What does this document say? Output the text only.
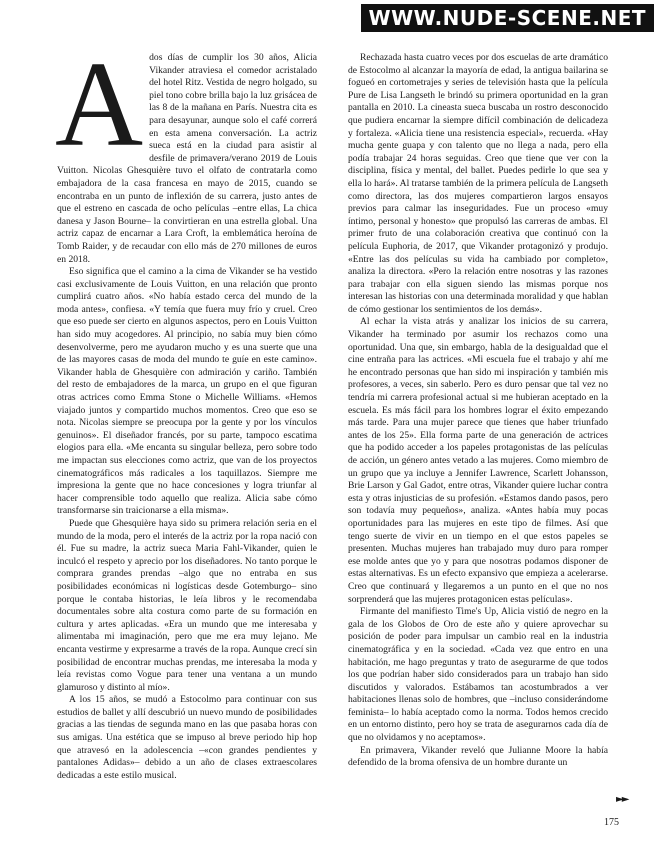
WWW.NUDE-SCENE.NET

Ados días de cumplir los 30 años, Alicia Vikander atraviesa el comedor acristalado del hotel Ritz. Vestida de negro holgado, su piel tono cobre brilla bajo la luz grisácea de las 8 de la mañana en París. Nuestra cita es para desayunar, aunque solo el café correrá en esta amena conversación. La actriz sueca está en la ciudad para asistir al desfile de primavera/verano 2019 de Louis Vuitton. Nicolas Ghesquière tuvo el olfato de contratarla como embajadora de la casa francesa en mayo de 2015, cuando se encontraba en un punto de inflexión de su carrera, justo antes de que el estreno en cascada de ocho películas –entre ellas, La chica danesa y Jason Bourne– la convirtieran en una estrella global. Una actriz capaz de encarnar a Lara Croft, la emblemática heroína de Tomb Raider, y de recaudar con ello más de 270 millones de euros en 2018.

Eso significa que el camino a la cima de Vikander se ha vestido casi exclusivamente de Louis Vuitton, en una relación que pronto cumplirá cuatro años. «No había estado cerca del mundo de la moda antes», confiesa. «Y temía que fuera muy frío y cruel. Creo que eso puede ser cierto en algunos aspectos, pero en Louis Vuitton han sido muy acogedores. Al principio, no sabía muy bien cómo desenvolverme, pero me ayudaron mucho y es una suerte que una de las mayores casas de moda del mundo te guíe en este camino». Vikander habla de Ghesquière con admiración y cariño. También del resto de embajadores de la marca, un grupo en el que figuran otras actrices como Emma Stone o Michelle Williams. «Hemos viajado juntos y compartido muchos momentos. Creo que eso se nota. Nicolas siempre se preocupa por la gente y por los vínculos genuinos». El diseñador francés, por su parte, tampoco escatima elogios para ella. «Me encanta su singular belleza, pero sobre todo me impactan sus elecciones como actriz, que van de los proyectos cinematográficos más radicales a los taquillazos. Siempre me impresiona la gente que no hace concesiones y logra triunfar al hacer comprensible todo aquello que realiza. Alicia sabe cómo transformarse sin traicionarse a ella misma».

Puede que Ghesquière haya sido su primera relación seria en el mundo de la moda, pero el interés de la actriz por la ropa nació con él. Fue su madre, la actriz sueca Maria Fahl-Vikander, quien le inculcó el respeto y aprecio por los diseñadores. No tanto porque le comprara grandes prendas –algo que no entraba en sus posibilidades económicas ni logísticas desde Gotemburgo– sino porque le contaba historias, le leía libros y le recomendaba documentales sobre alta costura como parte de su formación en cultura y artes aplicadas. «Era un mundo que me interesaba y alimentaba mi imaginación, pero que me era muy lejano. Me encanta vestirme y expresarme a través de la ropa. Aunque crecí sin posibilidad de encontrar muchas prendas, me interesaba la moda y leía revistas como Vogue para tener una ventana a un mundo glamuroso y distinto al mío».

A los 15 años, se mudó a Estocolmo para continuar con sus estudios de ballet y allí descubrió un nuevo mundo de posibilidades gracias a las tiendas de segunda mano en las que pasaba horas con sus amigas. Una estética que se impuso al breve periodo hip hop que atravesó en la adolescencia –«con grandes pendientes y pantalones Adidas»– debido a un año de clases extraescolares dedicadas a este estilo musical.

Rechazada hasta cuatro veces por dos escuelas de arte dramático de Estocolmo al alcanzar la mayoría de edad, la antigua bailarina se fogueó en cortometrajes y series de televisión hasta que la película Pure de Lisa Langseth le brindó su primera oportunidad en la gran pantalla en 2010. La cineasta sueca buscaba un rostro desconocido que pudiera encarnar la siempre difícil combinación de delicadeza y fortaleza. «Alicia tiene una resistencia especial», recuerda. «Hay mucha gente guapa y con talento que no llega a nada, pero ella podía trabajar 24 horas seguidas. Creo que tiene que ver con la disciplina, física y mental, del ballet. Puedes pedirle lo que sea y ella lo hará». Al tratarse también de la primera película de Langseth como directora, las dos mujeres compartieron largos ensayos previos para calmar las inseguridades. Fue un proceso «muy íntimo, personal y honesto» que propulsó las carreras de ambas. El primer fruto de una colaboración creativa que continuó con la película Euphoria, de 2017, que Vikander protagonizó y produjo. «Entre las dos películas su vida ha cambiado por completo», analiza la directora. «Pero la relación entre nosotras y las razones para trabajar con ella siguen siendo las mismas porque nos interesan las historias con una determinada moralidad y que hablan de cómo gestionar los sentimientos de los demás».

Al echar la vista atrás y analizar los inicios de su carrera, Vikander ha terminado por asumir los rechazos como una oportunidad. Una que, sin embargo, habla de la desigualdad que el cine entraña para las actrices. «Mi escuela fue el trabajo y ahí me he encontrado personas que han sido mi inspiración y también mis profesores, a veces, sin saberlo. Pero es duro pensar que tal vez no tendría mi carrera profesional actual si me hubieran aceptado en la escuela. Es más fácil para los hombres lograr el éxito empezando más tarde. Para una mujer parece que tienes que haber triunfado antes de los 25». Ella forma parte de una generación de actrices que ha podido acceder a los papeles protagonistas de las películas de acción, un género antes vetado a las mujeres. Como miembro de un grupo que ya incluye a Jennifer Lawrence, Scarlett Johansson, Brie Larson y Gal Gadot, entre otras, Vikander quiere luchar contra esta y otras injusticias de su profesión. «Estamos dando pasos, pero son todavía muy pequeños», analiza. «Antes había muy pocas oportunidades para las mujeres en este tipo de filmes. Así que tengo suerte de vivir en un tiempo en el que estos papeles se presenten. Muchas mujeres han trabajado muy duro para romper ese molde antes que yo y para que nosotras podamos disponer de estas alternativas. Es un efecto expansivo que empieza a acelerarse. Creo que continuará y llegaremos a un punto en el que no nos sorprenderá que las mujeres protagonicen estas películas».

Firmante del manifiesto Time's Up, Alicia vistió de negro en la gala de los Globos de Oro de este año y quiere aprovechar su posición de poder para impulsar un cambio real en la industria cinematográfica y en la sociedad. «Cada vez que entro en una habitación, me hago preguntas y trato de asegurarme de que todos los que podrían haber sido considerados para un trabajo han sido discutidos y valorados. Estábamos tan acostumbrados a ver habitaciones llenas solo de hombres, que –incluso considerándome feminista– lo había aceptado como la norma. Todos hemos crecido en un entorno distinto, pero hoy se trata de asegurarnos cada día de que no olvidamos y no aceptamos».

En primavera, Vikander reveló que Julianne Moore la había defendido de la broma ofensiva de un hombre durante un

►►
175
